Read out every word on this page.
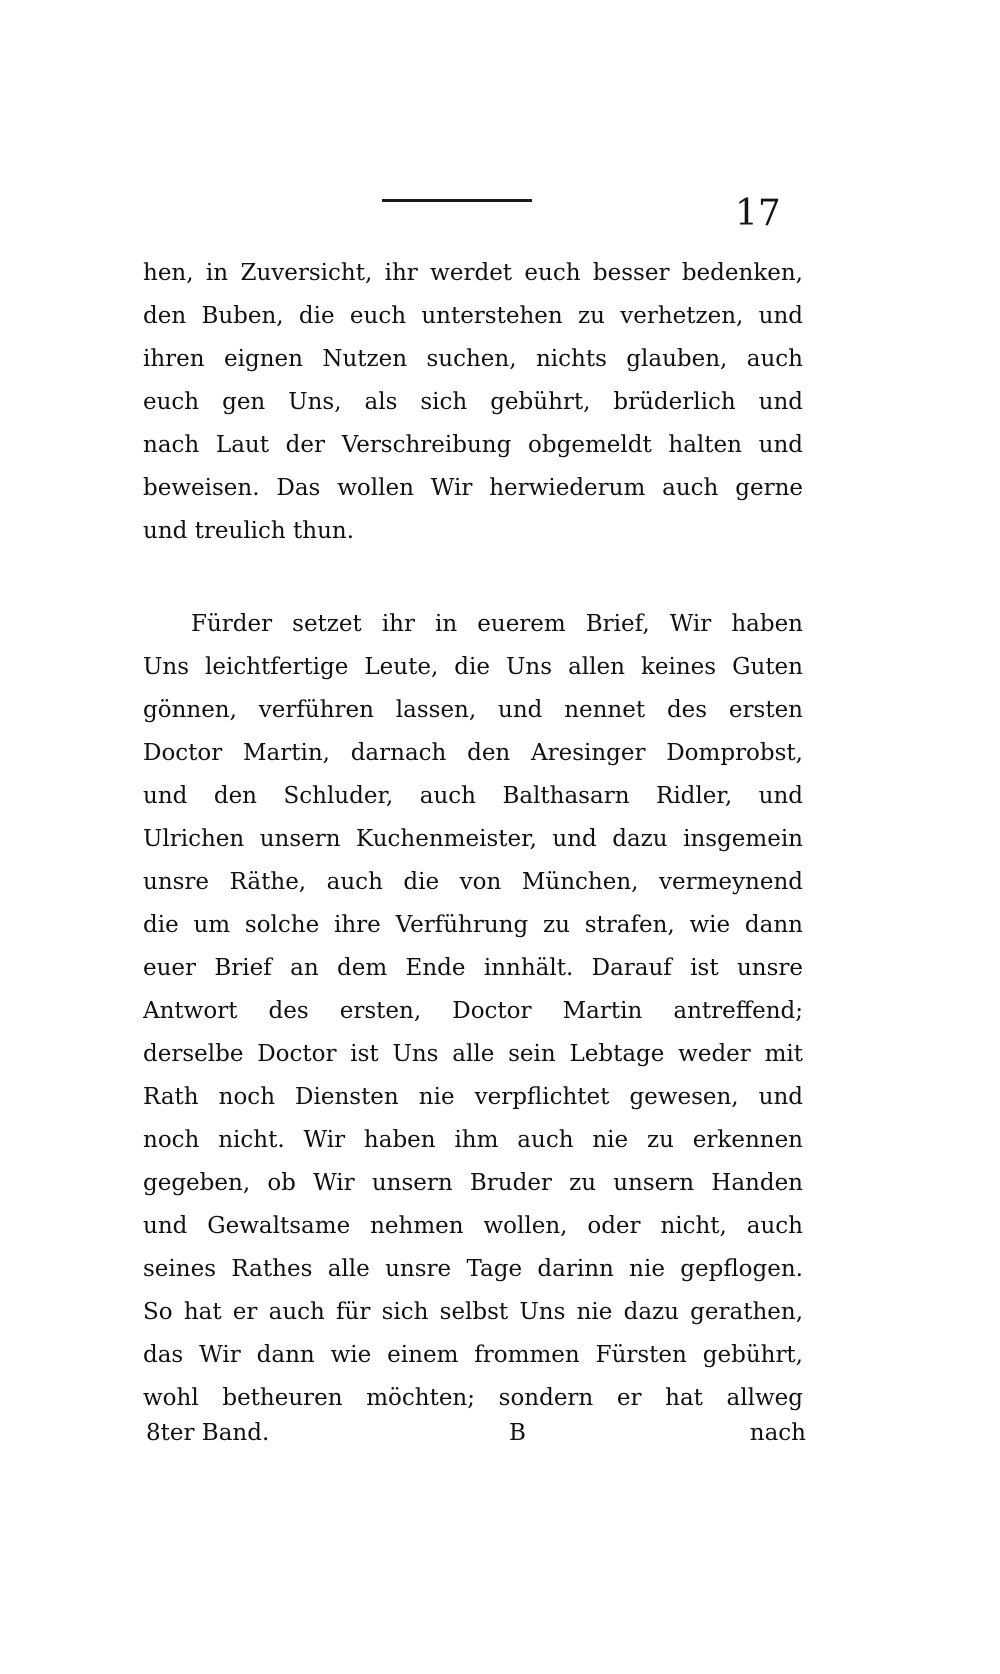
17
hen, in Zuversicht, ihr werdet euch besser bedenken,
den Buben, die euch unterstehen zu verhetzen, und
ihren eignen Nutzen suchen, nichts glauben, auch
euch gen Uns, als sich gebührt, brüderlich und
nach Laut der Verschreibung obgemeldt halten und
beweisen. Das wollen Wir herwiederum auch gerne
und treulich thun.
Fürder setzet ihr in euerem Brief, Wir haben
Uns leichtfertige Leute, die Uns allen keines Guten
gönnen, verführen lassen, und nennet des ersten
Doctor Martin, darnach den Aresinger Domprobst,
und den Schluder, auch Balthasarn Ridler, und
Ulrichen unsern Kuchenmeister, und dazu insgemein
unsre Räthe, auch die von München, vermeynend
die um solche ihre Verführung zu strafen, wie dann
euer Brief an dem Ende innhält. Darauf ist unsre
Antwort des ersten, Doctor Martin antreffend;
derselbe Doctor ist Uns alle sein Lebtage weder mit
Rath noch Diensten nie verpflichtet gewesen, und
noch nicht. Wir haben ihm auch nie zu erkennen
gegeben, ob Wir unsern Bruder zu unsern Handen
und Gewaltsame nehmen wollen, oder nicht, auch
seines Rathes alle unsre Tage darinn nie gepflogen.
So hat er auch für sich selbst Uns nie dazu gerathen,
das Wir dann wie einem frommen Fürsten gebührt,
wohl betheuren möchten; sondern er hat allweg
8ter Band.	B	nach
